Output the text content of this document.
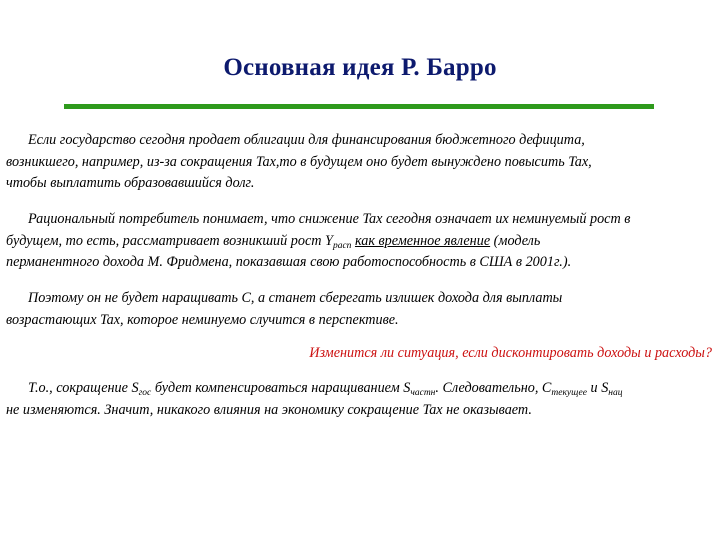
Основная идея Р. Барро
Если государство сегодня продает облигации для финансирования бюджетного дефицита,
возникшего, например, из-за сокращения Tax,то в будущем оно будет вынуждено повысить Tax,
чтобы выплатить образовавшийся долг.
Рациональный потребитель понимает, что снижение Tax сегодня означает их неминуемый рост в
будущем, то есть, рассматривает возникший рост $Y_{расп}$ как временное явление (модель
перманентного дохода М. Фридмена, показавшая свою работоспособность в США в 2001г.).
Поэтому он не будет наращивать С, а станет сберегать излишек дохода для выплаты
возрастающих Tax, которое неминуемо случится в перспективе.
Изменится ли ситуация, если дисконтировать доходы и расходы?
Т.о., сокращение $S_{гос}$ будет компенсироваться наращиванием $S_{частн}$. Следовательно, $C_{текущее}$ и $S_{нац}$
не изменяются. Значит, никакого влияния на экономику сокращение Tax не оказывает.
